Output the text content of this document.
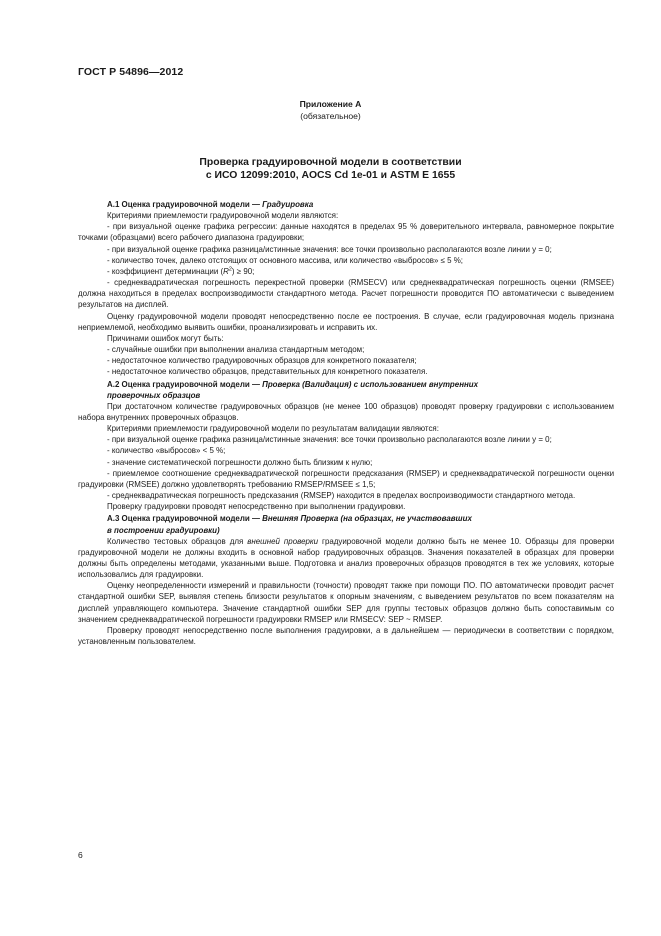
ГОСТ Р 54896—2012
Приложение А
(обязательное)
Проверка градуировочной модели в соответствии
с ИСО 12099:2010, AOCS Cd 1e-01 и ASTM E 1655
А.1 Оценка градуировочной модели — Градуировка

Критериями приемлемости градуировочной модели являются:

- при визуальной оценке графика регрессии: данные находятся в пределах 95 % доверительного интервала, равномерное покрытие точками (образцами) всего рабочего диапазона градуировки;

- при визуальной оценке графика разница/истинные значения: все точки произвольно располагаются возле линии y = 0;

- количество точек, далеко отстоящих от основного массива, или количество «выбросов» ≤ 5 %;

- коэффициент детерминации $(R^2) \ge 90$;

- среднеквадратическая погрешность перекрестной проверки (RMSECV) или среднеквадратическая погрешность оценки (RMSEE) должна находиться в пределах воспроизводимости стандартного метода. Расчет погрешности проводится ПО автоматически с выведением результатов на дисплей.

Оценку градуировочной модели проводят непосредственно после ее построения. В случае, если градуировочная модель признана неприемлемой, необходимо выявить ошибки, проанализировать и исправить их.

Причинами ошибок могут быть:

- случайные ошибки при выполнении анализа стандартным методом;

- недостаточное количество градуировочных образцов для конкретного показателя;

- недостаточное количество образцов, представительных для конкретного показателя.

А.2 Оценка градуировочной модели — Проверка (Валидация) с использованием внутренних
проверочных образцов

При достаточном количестве градуировочных образцов (не менее 100 образцов) проводят проверку градуировки с использованием набора внутренних проверочных образцов.

Критериями приемлемости градуировочной модели по результатам валидации являются:

- при визуальной оценке графика разница/истинные значения: все точки произвольно располагаются возле линии y = 0;

- количество «выбросов» < 5 %;

- значение систематической погрешности должно быть близким к нулю;

- приемлемое соотношение среднеквадратической погрешности предсказания (RMSEP) и среднеквадратической погрешности оценки градуировки (RMSEE) должно удовлетворять требованию RMSEP/RMSEE ≤ 1,5;

- среднеквадратическая погрешность предсказания (RMSEP) находится в пределах воспроизводимости стандартного метода.

Проверку градуировки проводят непосредственно при выполнении градуировки.

А.3 Оценка градуировочной модели — Внешняя Проверка (на образцах, не участвовавших
в построении градуировки)

Количество тестовых образцов для внешней проверки градуировочной модели должно быть не менее 10. Образцы для проверки градуировочной модели не должны входить в основной набор градуировочных образцов. Значения показателей в образцах для проверки должны быть определены методами, указанными выше. Подготовка и анализ проверочных образцов проводятся в тех же условиях, которые использовались для градуировки.

Оценку неопределенности измерений и правильности (точности) проводят также при помощи ПО. ПО автоматически проводит расчет стандартной ошибки SEP, выявляя степень близости результатов к опорным значениям, с выведением результатов по всем показателям на дисплей управляющего компьютера. Значение стандартной ошибки SEP для группы тестовых образцов должно быть сопоставимым со значением среднеквадратической погрешности градуировки RMSEP или RMSECV: SEP ~ RMSEP.

Проверку проводят непосредственно после выполнения градуировки, а в дальнейшем — периодически в соответствии с порядком, установленным пользователем.

6
